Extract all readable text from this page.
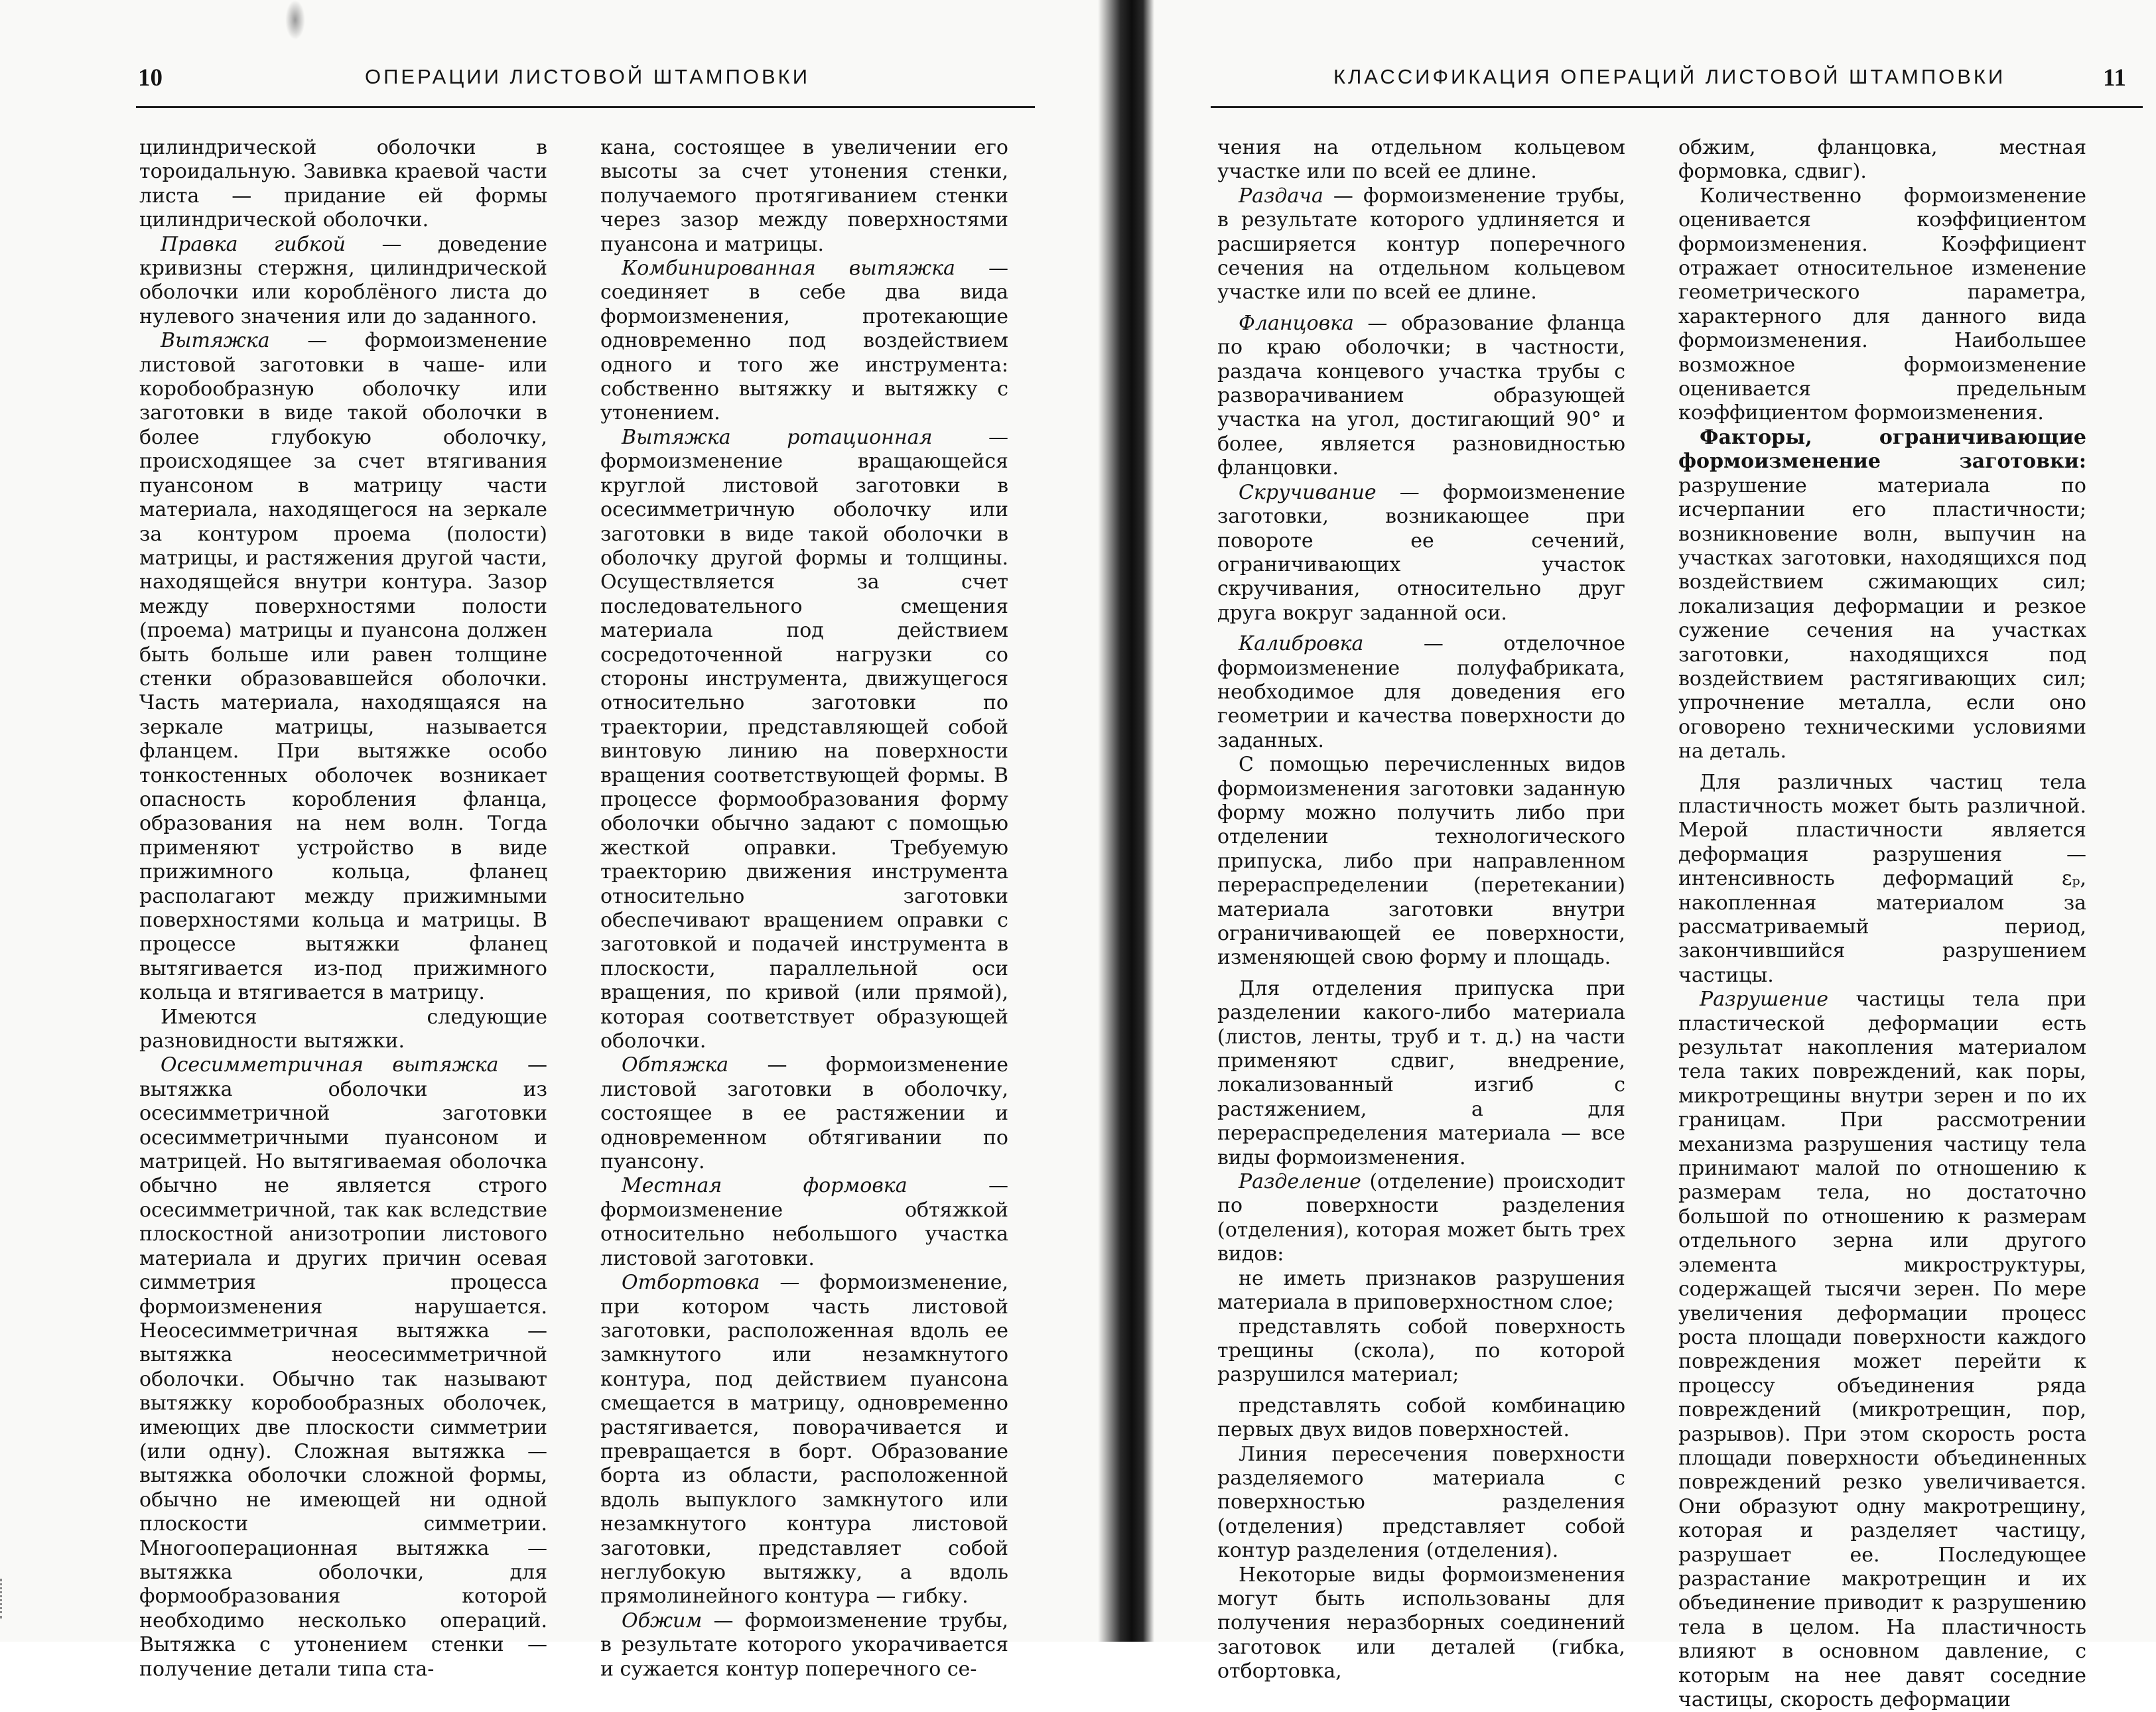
10	ОПЕРАЦИИ ЛИСТОВОЙ ШТАМПОВКИ

цилиндрической оболочки в тороидальную. Завивка краевой части листа — придание ей формы цилиндрической оболочки.

Правка гибкой — доведение кривизны стержня, цилиндрической оболочки или короблёного листа до нулевого значения или до заданного.

Вытяжка — формоизменение листовой заготовки в чаше- или коробообразную оболочку или заготовки в виде такой оболочки в более глубокую оболочку, происходящее за счет втягивания пуансоном в матрицу части материала, находящегося на зеркале за контуром проема (полости) матрицы, и растяжения другой части, находящейся внутри контура. Зазор между поверхностями полости (проема) матрицы и пуансона должен быть больше или равен толщине стенки образовавшейся оболочки. Часть материала, находящаяся на зеркале матрицы, называется фланцем. При вытяжке особо тонкостенных оболочек возникает опасность коробления фланца, образования на нем волн. Тогда применяют устройство в виде прижимного кольца, фланец располагают между прижимными поверхностями кольца и матрицы. В процессе вытяжки фланец вытягивается из-под прижимного кольца и втягивается в матрицу.

Имеются следующие разновидности вытяжки.

Осесимметричная вытяжка — вытяжка оболочки из осесимметричной заготовки осесимметричными пуансоном и матрицей. Но вытягиваемая оболочка обычно не является строго осесимметричной, так как вследствие плоскостной анизотропии листового материала и других причин осевая симметрия процесса формоизменения нарушается. Неосесимметричная вытяжка — вытяжка неосесимметричной оболочки. Обычно так называют вытяжку коробообразных оболочек, имеющих две плоскости симметрии (или одну). Сложная вытяжка — вытяжка оболочки сложной формы, обычно не имеющей ни одной плоскости симметрии. Многооперационная вытяжка — вытяжка оболочки, для формообразования которой необходимо несколько операций. Вытяжка с утонением стенки — получение детали типа ста-

кана, состоящее в увеличении его высоты за счет утонения стенки, получаемого протягиванием стенки через зазор между поверхностями пуансона и матрицы.

Комбинированная вытяжка — соединяет в себе два вида формоизменения, протекающие одновременно под воздействием одного и того же инструмента: собственно вытяжку и вытяжку с утонением.

Вытяжка ротационная — формоизменение вращающейся круглой листовой заготовки в осесимметричную оболочку или заготовки в виде такой оболочки в оболочку другой формы и толщины. Осуществляется за счет последовательного смещения материала под действием сосредоточенной нагрузки со стороны инструмента, движущегося относительно заготовки по траектории, представляющей собой винтовую линию на поверхности вращения соответствующей формы. В процессе формообразования форму оболочки обычно задают с помощью жесткой оправки. Требуемую траекторию движения инструмента относительно заготовки обеспечивают вращением оправки с заготовкой и подачей инструмента в плоскости, параллельной оси вращения, по кривой (или прямой), которая соответствует образующей оболочки.

Обтяжка — формоизменение листовой заготовки в оболочку, состоящее в ее растяжении и одновременном обтягивании по пуансону.

Местная формовка — формоизменение обтяжкой относительно небольшого участка листовой заготовки.

Отбортовка — формоизменение, при котором часть листовой заготовки, расположенная вдоль ее замкнутого или незамкнутого контура, под действием пуансона смещается в матрицу, одновременно растягивается, поворачивается и превращается в борт. Образование борта из области, расположенной вдоль выпуклого замкнутого или незамкнутого контура листовой заготовки, представляет собой неглубокую вытяжку, а вдоль прямолинейного контура — гибку.

Обжим — формоизменение трубы, в результате которого укорачивается и сужается контур поперечного се-

КЛАССИФИКАЦИЯ ОПЕРАЦИЙ ЛИСТОВОЙ ШТАМПОВКИ	11

чения на отдельном кольцевом участке или по всей ее длине.

Раздача — формоизменение трубы, в результате которого удлиняется и расширяется контур поперечного сечения на отдельном кольцевом участке или по всей ее длине.

Фланцовка — образование фланца по краю оболочки; в частности, раздача концевого участка трубы с разворачиванием образующей участка на угол, достигающий 90° и более, является разновидностью фланцовки.

Скручивание — формоизменение заготовки, возникающее при повороте ее сечений, ограничивающих участок скручивания, относительно друг друга вокруг заданной оси.

Калибровка — отделочное формоизменение полуфабриката, необходимое для доведения его геометрии и качества поверхности до заданных.

С помощью перечисленных видов формоизменения заготовки заданную форму можно получить либо при отделении технологического припуска, либо при направленном перераспределении (перетекании) материала заготовки внутри ограничивающей ее поверхности, изменяющей свою форму и площадь.

Для отделения припуска при разделении какого-либо материала (листов, ленты, труб и т. д.) на части применяют сдвиг, внедрение, локализованный изгиб с растяжением, а для перераспределения материала — все виды формоизменения.

Разделение (отделение) происходит по поверхности разделения (отделения), которая может быть трех видов:

не иметь признаков разрушения материала в приповерхностном слое;

представлять собой поверхность трещины (скола), по которой разрушился материал;

представлять собой комбинацию первых двух видов поверхностей.

Линия пересечения поверхности разделяемого материала с поверхностью разделения (отделения) представляет собой контур разделения (отделения).

Некоторые виды формоизменения могут быть использованы для получения неразборных соединений заготовок или деталей (гибка, отбортовка,

обжим, фланцовка, местная формовка, сдвиг).

Количественно формоизменение оценивается коэффициентом формоизменения. Коэффициент отражает относительное изменение геометрического параметра, характерного для данного вида формоизменения. Наибольшее возможное формоизменение оценивается предельным коэффициентом формоизменения.

Факторы, ограничивающие формоизменение заготовки: разрушение материала по исчерпании его пластичности; возникновение волн, выпучин на участках заготовки, находящихся под воздействием сжимающих сил; локализация деформации и резкое сужение сечения на участках заготовки, находящихся под воздействием растягивающих сил; упрочнение металла, если оно оговорено техническими условиями на деталь.

Для различных частиц тела пластичность может быть различной. Мерой пластичности является деформация разрушения — интенсивность деформаций εₚ, накопленная материалом за рассматриваемый период, закончившийся разрушением частицы.

Разрушение частицы тела при пластической деформации есть результат накопления материалом тела таких повреждений, как поры, микротрещины внутри зерен и по их границам. При рассмотрении механизма разрушения частицу тела принимают малой по отношению к размерам тела, но достаточно большой по отношению к размерам отдельного зерна или другого элемента микроструктуры, содержащей тысячи зерен. По мере увеличения деформации процесс роста площади поверхности каждого повреждения может перейти к процессу объединения ряда повреждений (микротрещин, пор, разрывов). При этом скорость роста площади поверхности объединенных повреждений резко увеличивается. Они образуют одну макротрещину, которая и разделяет частицу, разрушает ее. Последующее разрастание макротрещин и их объединение приводит к разрушению тела в целом. На пластичность влияют в основном давление, с которым на нее давят соседние частицы, скорость деформации
